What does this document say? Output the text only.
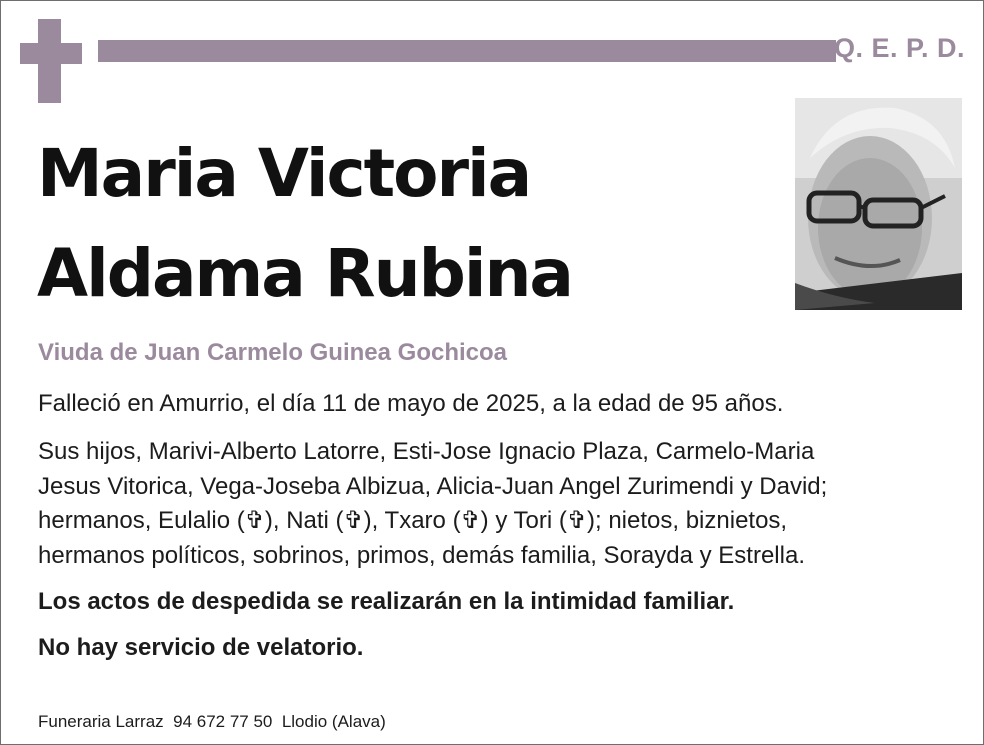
Q. E. P. D.
Maria Victoria
Aldama Rubina
Viuda de Juan Carmelo Guinea Gochicoa
Falleció en Amurrio, el día 11 de mayo de 2025, a la edad de 95 años.
Sus hijos, Marivi-Alberto Latorre, Esti-Jose Ignacio Plaza, Carmelo-Maria
Jesus Vitorica, Vega-Joseba Albizua, Alicia-Juan Angel Zurimendi y David;
hermanos, Eulalio (✞), Nati (✞), Txaro (✞) y Tori (✞); nietos, biznietos,
hermanos políticos, sobrinos, primos, demás familia, Sorayda y Estrella.
Los actos de despedida se realizarán en la intimidad familiar.
No hay servicio de velatorio.
Funeraria Larraz  94 672 77 50  Llodio (Alava)
